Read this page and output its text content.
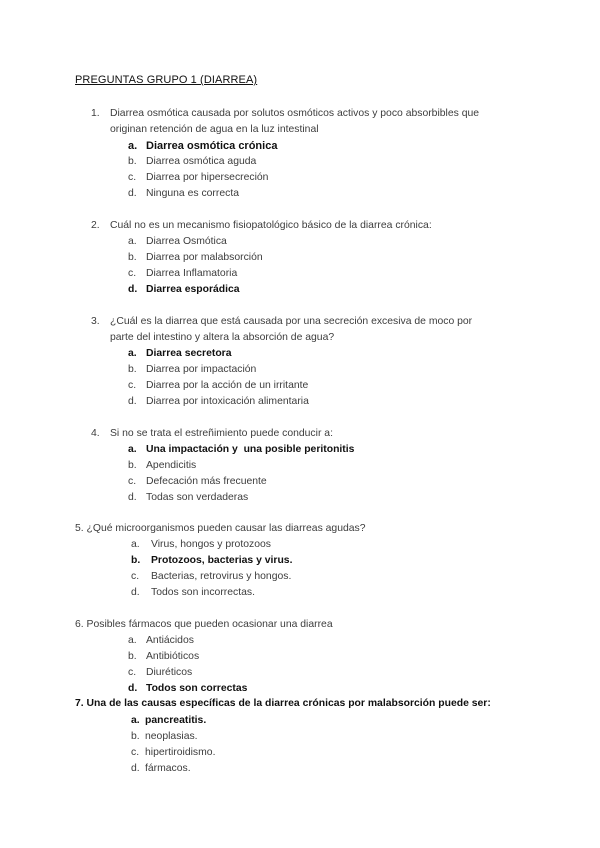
PREGUNTAS GRUPO 1 (DIARREA)
1. Diarrea osmótica causada por solutos osmóticos activos y poco absorbibles que
originan retención de agua en la luz intestinal
a. Diarrea osmótica crónica
b. Diarrea osmótica aguda
c. Diarrea por hipersecreción
d. Ninguna es correcta
2. Cuál no es un mecanismo fisiopatológico básico de la diarrea crónica:
a. Diarrea Osmótica
b. Diarrea por malabsorción
c. Diarrea Inflamatoria
d. Diarrea esporádica
3. ¿Cuál es la diarrea que está causada por una secreción excesiva de moco por
parte del intestino y altera la absorción de agua?
a. Diarrea secretora
b. Diarrea por impactación
c. Diarrea por la acción de un irritante
d. Diarrea por intoxicación alimentaria
4. Si no se trata el estreñimiento puede conducir a:
a. Una impactación y  una posible peritonitis
b. Apendicitis
c. Defecación más frecuente
d. Todas son verdaderas
5. ¿Qué microorganismos pueden causar las diarreas agudas?
a. Virus, hongos y protozoos
b. Protozoos, bacterias y virus.
c. Bacterias, retrovirus y hongos.
d. Todos son incorrectas.
6. Posibles fármacos que pueden ocasionar una diarrea
a. Antiácidos
b. Antibióticos
c. Diuréticos
d. Todos son correctas
7. Una de las causas específicas de la diarrea crónicas por malabsorción puede ser:
a. pancreatitis.
b. neoplasias.
c. hipertiroidismo.
d. fármacos.
